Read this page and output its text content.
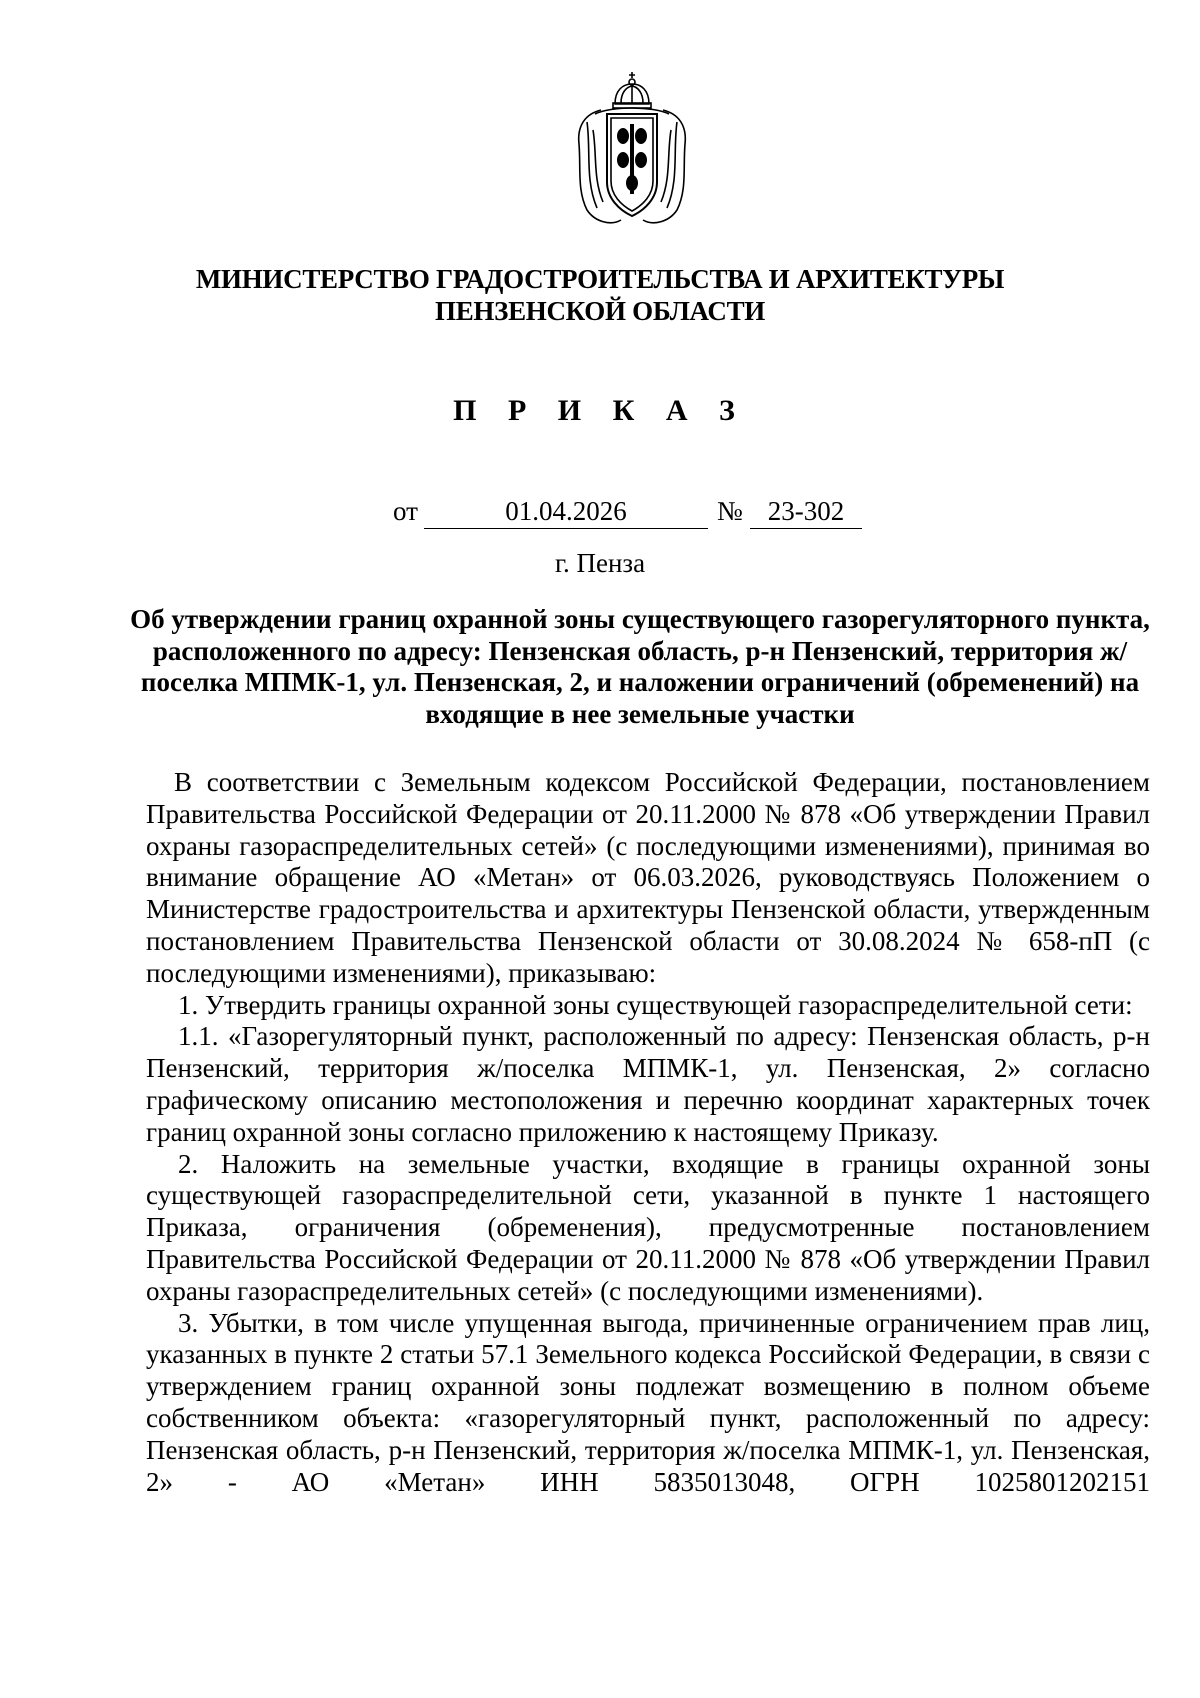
МИНИСТЕРСТВО ГРАДОСТРОИТЕЛЬСТВА И АРХИТЕКТУРЫ
ПЕНЗЕНСКОЙ ОБЛАСТИ
П Р И К А З
от	01.04.2026	№ 23-302
г. Пенза
Об утверждении границ охранной зоны существующего газорегуляторного пункта, расположенного по адресу: Пензенская область, р-н Пензенский, территория ж/поселка МПМК-1, ул. Пензенская, 2, и наложении ограничений (обременений) на входящие в нее земельные участки

В соответствии с Земельным кодексом Российской Федерации, постановлением Правительства Российской Федерации от 20.11.2000 № 878 «Об утверждении Правил охраны газораспределительных сетей» (с последующими изменениями), принимая во внимание обращение АО «Метан» от 06.03.2026, руководствуясь Положением о Министерстве градостроительства и архитектуры Пензенской области, утвержденным постановлением Правительства Пензенской области от 30.08.2024 № 658-пП (с последующими изменениями), приказываю:

1. Утвердить границы охранной зоны существующей газораспределительной сети:

1.1. «Газорегуляторный пункт, расположенный по адресу: Пензенская область, р-н Пензенский, территория ж/поселка МПМК-1, ул. Пензенская, 2» согласно графическому описанию местоположения и перечню координат характерных точек границ охранной зоны согласно приложению к настоящему Приказу.

2. Наложить на земельные участки, входящие в границы охранной зоны существующей газораспределительной сети, указанной в пункте 1 настоящего Приказа, ограничения (обременения), предусмотренные постановлением Правительства Российской Федерации от 20.11.2000 № 878 «Об утверждении Правил охраны газораспределительных сетей» (с последующими изменениями).

3. Убытки, в том числе упущенная выгода, причиненные ограничением прав лиц, указанных в пункте 2 статьи 57.1 Земельного кодекса Российской Федерации, в связи с утверждением границ охранной зоны подлежат возмещению в полном объеме собственником объекта: «газорегуляторный пункт, расположенный по адресу: Пензенская область, р-н Пензенский, территория ж/поселка МПМК-1, ул. Пензенская, 2» - АО «Метан» ИНН 5835013048, ОГРН 1025801202151
